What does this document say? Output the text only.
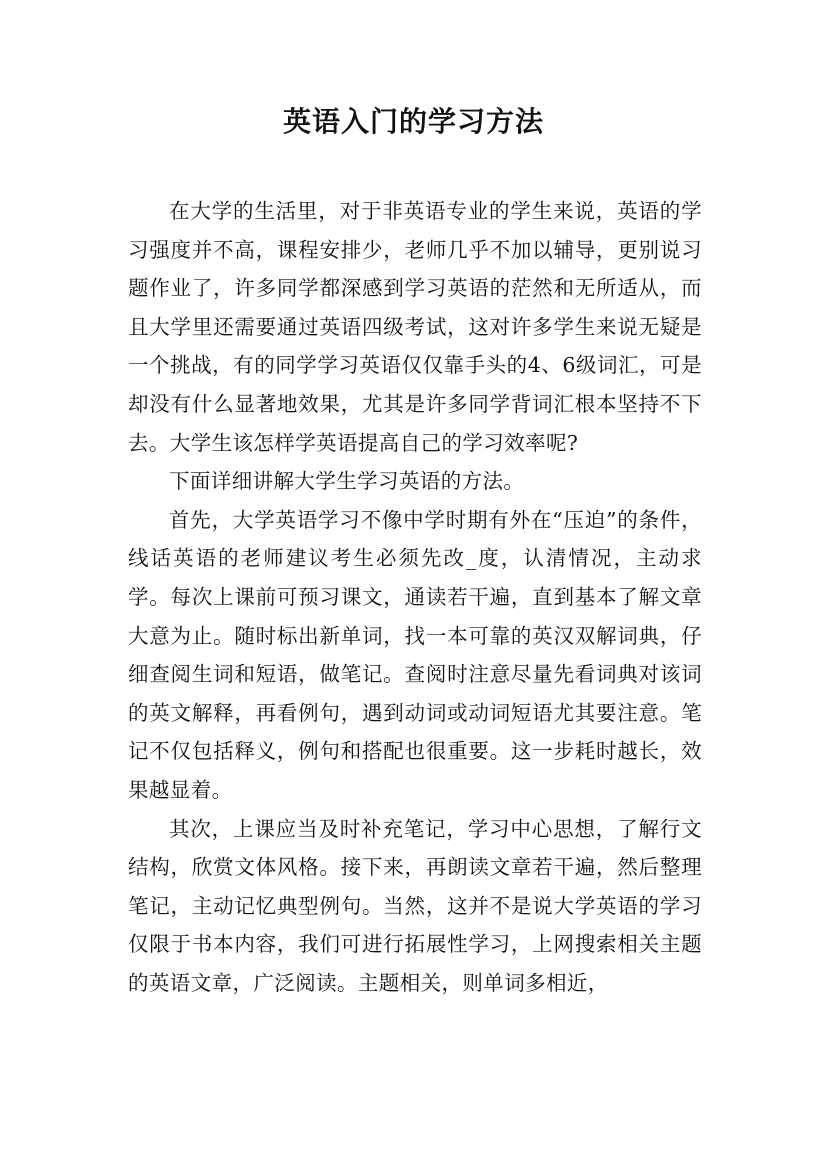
英语入门的学习方法

在大学的生活里，对于非英语专业的学生来说，英语的学习强度并不高，课程安排少，老师几乎不加以辅导，更别说习题作业了，许多同学都深感到学习英语的茫然和无所适从，而且大学里还需要通过英语四级考试，这对许多学生来说无疑是一个挑战，有的同学学习英语仅仅靠手头的4、6级词汇，可是却没有什么显著地效果，尤其是许多同学背词汇根本坚持不下去。大学生该怎样学英语提高自己的学习效率呢?

下面详细讲解大学生学习英语的方法。

首先，大学英语学习不像中学时期有外在“压迫”的条件，线话英语的老师建议考生必须先改_度，认清情况，主动求学。每次上课前可预习课文，通读若干遍，直到基本了解文章大意为止。随时标出新单词，找一本可靠的英汉双解词典，仔细查阅生词和短语，做笔记。查阅时注意尽量先看词典对该词的英文解释，再看例句，遇到动词或动词短语尤其要注意。笔记不仅包括释义，例句和搭配也很重要。这一步耗时越长，效果越显着。

其次，上课应当及时补充笔记，学习中心思想，了解行文结构，欣赏文体风格。接下来，再朗读文章若干遍，然后整理笔记，主动记忆典型例句。当然，这并不是说大学英语的学习仅限于书本内容，我们可进行拓展性学习，上网搜索相关主题的英语文章，广泛阅读。主题相关，则单词多相近，
